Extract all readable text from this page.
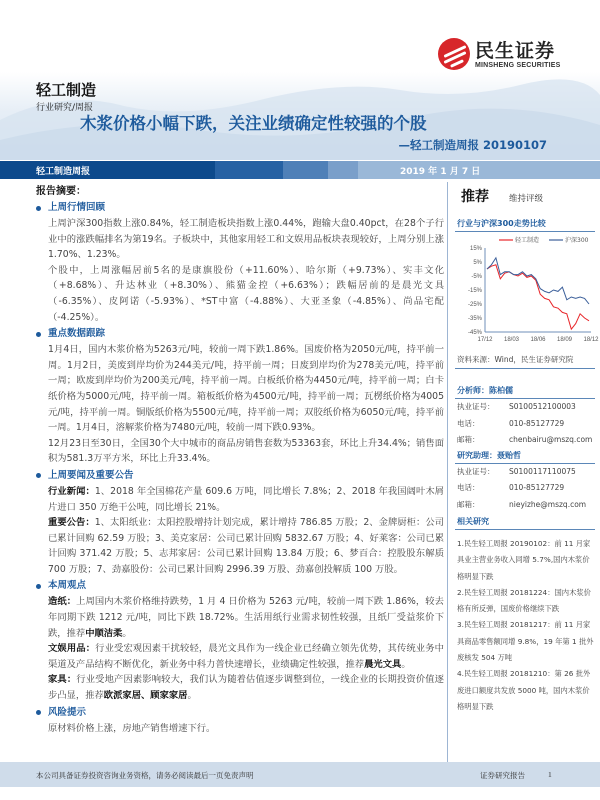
民生证券
MINSHENG SECURITIES
轻工制造
行业研究/周报
木浆价格小幅下跌，关注业绩确定性较强的个股
—轻工制造周报 20190107
轻工制造周报	2019 年 1 月 7 日
报告摘要：
上周行情回顾
上周沪深300指数上涨0.84%，轻工制造板块指数上涨0.44%，跑输大盘0.40pct，在28个子行业中的涨跌幅排名为第19名。子板块中，其他家用轻工和文娱用品板块表现较好，上周分别上涨1.70%、1.23%。
个股中，上周涨幅居前5名的是康旗股份（+11.60%）、哈尔斯（+9.73%）、实丰文化（+8.68%）、升达林业（+8.30%）、熊猫金控（+6.63%）；跌幅居前的是晨光文具（-6.35%）、皮阿诺（-5.93%）、*ST中富（-4.88%）、大亚圣象（-4.85%）、尚品宅配（-4.25%）。
重点数据跟踪
1月4日，国内木浆价格为5263元/吨，较前一周下跌1.86%。国废价格为2050元/吨，持平前一周。1月2日，美废到岸均价为244美元/吨，持平前一周；日废到岸均价为278美元/吨，持平前一周；欧废到岸均价为200美元/吨，持平前一周。白板纸价格为4450元/吨，持平前一周；白卡纸价格为5000元/吨，持平前一周。箱板纸价格为4500元/吨，持平前一周；瓦楞纸价格为4005元/吨，持平前一周。铜版纸价格为5500元/吨，持平前一周；双胶纸价格为6050元/吨，持平前一周。1月4日，溶解浆价格为7480元/吨，较前一周下跌0.93%。
12月23日至30日，全国30个大中城市的商品房销售套数为53363套，环比上升34.4%；销售面积为581.3万平方米，环比上升33.4%。
上周要闻及重要公告
行业新闻：1、2018 年全国棉花产量 609.6 万吨，同比增长 7.8%；2、2018 年我国阔叶木屑片进口 350 万绝干公吨，同比增长 21%。
重要公告：1、太阳纸业：太阳控股增持计划完成，累计增持 786.85 万股；2、金牌厨柜：公司已累计回购 62.59 万股；3、美克家居：公司已累计回购 5832.67 万股；4、好莱客：公司已累计回购 371.42 万股；5、志邦家居：公司已累计回购 13.84 万股；6、梦百合：控股股东解质 700 万股；7、劲嘉股份：公司已累计回购 2996.39 万股、劲嘉创投解质 100 万股。
本周观点
造纸：上周国内木浆价格维持跌势，1 月 4 日价格为 5263 元/吨，较前一周下跌 1.86%，较去年同期下跌 1212 元/吨，同比下跌 18.72%。生活用纸行业需求韧性较强，且纸厂受益浆价下跌，推荐中顺洁柔。
文娱用品：行业受宏观因素干扰较轻，晨光文具作为一线企业已经确立领先优势，其传统业务中渠道及产品结构不断优化，新业务中科力普快速增长，业绩确定性较强，推荐晨光文具。
家具：行业受地产因素影响较大，我们认为随着估值逐步调整到位，一线企业的长期投资价值逐步凸显，推荐欧派家居、顾家家居。
风险提示
原材料价格上涨，房地产销售增速下行。
推荐 维持评级
行业与沪深300走势比较
15%
5%
-5%
-15%
-25%
-35%
-45%
17/12 18/03 18/06 18/09 18/12
轻工制造	沪深300
资料来源：Wind，民生证券研究院
分析师：陈柏儒
执业证号：	S0100512100003
电话：	010-85127729
邮箱：	chenbairu@mszq.com
研究助理：聂贻哲
执业证号：	S0100117110075
电话：	010-85127729
邮箱：	nieyizhe@mszq.com
相关研究
1.民生轻工周报 20190102：前 11 月家具业主营业务收入同增 5.7%,国内木浆价格明显下跌
2.民生轻工周报 20181224：国内木浆价格有所反弹，国废价格继续下跌
3.民生轻工周报 20181217：前 11 月家具商品零售额同增 9.8%，19 年第 1 批外废核发 504 万吨
4.民生轻工周报 20181210：第 26 批外废进口额度共发放 5000 吨，国内木浆价格明显下跌
本公司具备证券投资咨询业务资格，请务必阅读最后一页免责声明	证券研究报告	1
